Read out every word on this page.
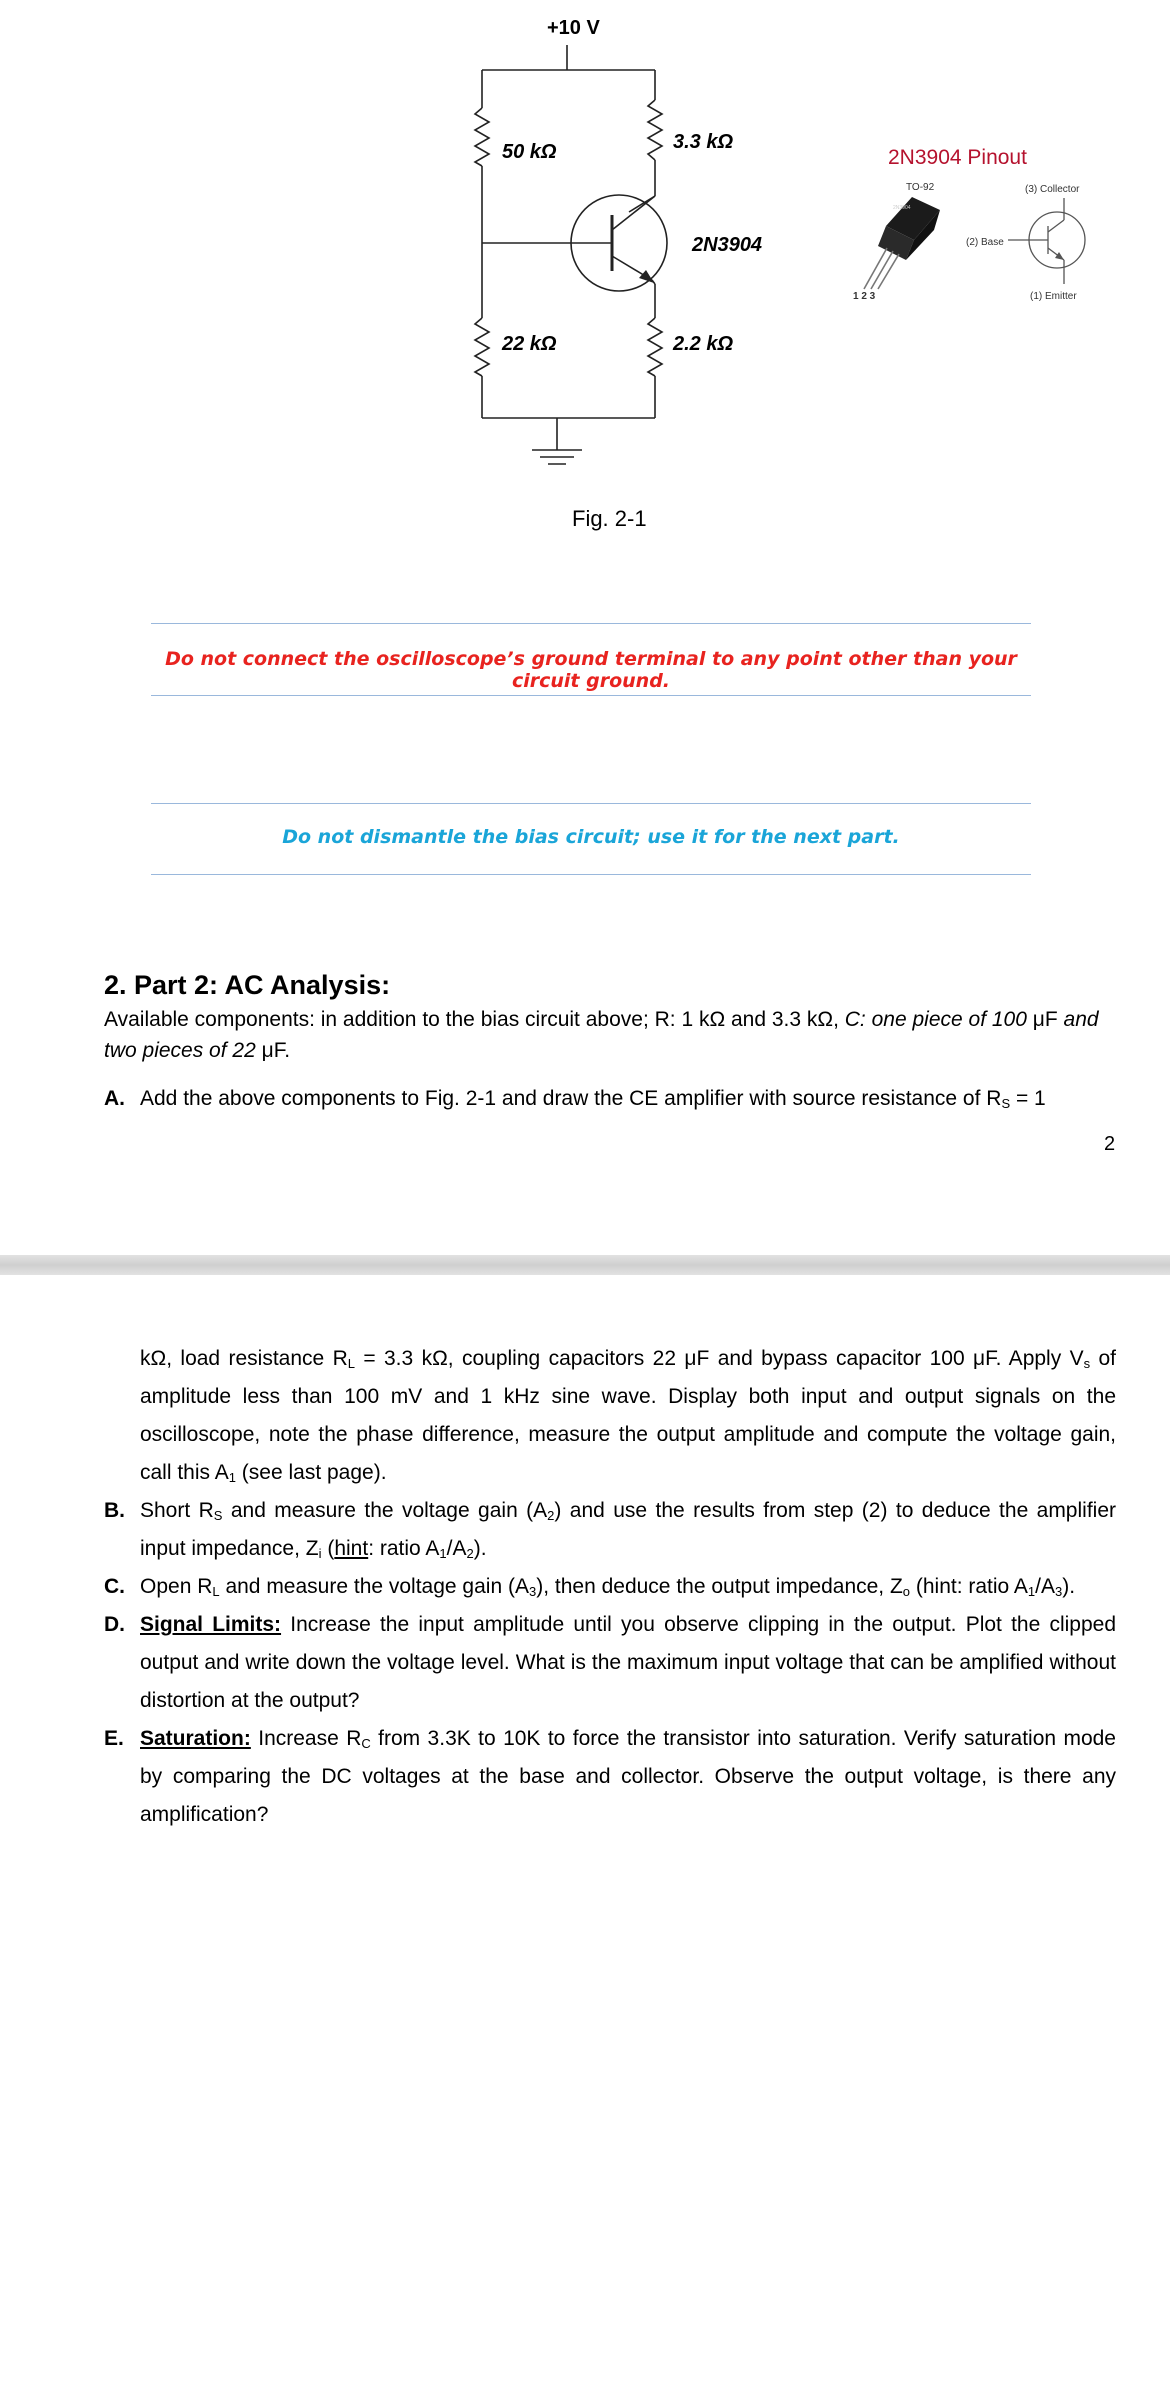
+10 V
50 kΩ	3.3 kΩ
2N3904
22 kΩ	2.2 kΩ
2N3904 Pinout
TO-92
2N3904
1 2 3
(3) Collector
(2) Base
(1) Emitter
Fig. 2-1
Do not connect the oscilloscope’s ground terminal to any point other than your circuit ground.
Do not dismantle the bias circuit; use it for the next part.
2. Part 2: AC Analysis:
Available components: in addition to the bias circuit above; R: 1 kΩ and 3.3 kΩ, C: one piece of 100 μF and two pieces of 22 μF.
A. Add the above components to Fig. 2-1 and draw the CE amplifier with source resistance of $R_S = 1$
2
kΩ, load resistance $R_L = 3.3$ kΩ, coupling capacitors 22 μF and bypass capacitor 100 μF. Apply $V_s$ of amplitude less than 100 mV and 1 kHz sine wave. Display both input and output signals on the oscilloscope, note the phase difference, measure the output amplitude and compute the voltage gain, call this $A_1$ (see last page).
B. Short $R_S$ and measure the voltage gain $(A_2)$ and use the results from step (2) to deduce the amplifier input impedance, $Z_i$ (hint: ratio $A_1/A_2$).
C. Open $R_L$ and measure the voltage gain $(A_3)$, then deduce the output impedance, $Z_o$ (hint: ratio $A_1/A_3$).
D. Signal Limits: Increase the input amplitude until you observe clipping in the output. Plot the clipped output and write down the voltage level. What is the maximum input voltage that can be amplified without distortion at the output?
E. Saturation: Increase $R_C$ from 3.3K to 10K to force the transistor into saturation. Verify saturation mode by comparing the DC voltages at the base and collector. Observe the output voltage, is there any amplification?
